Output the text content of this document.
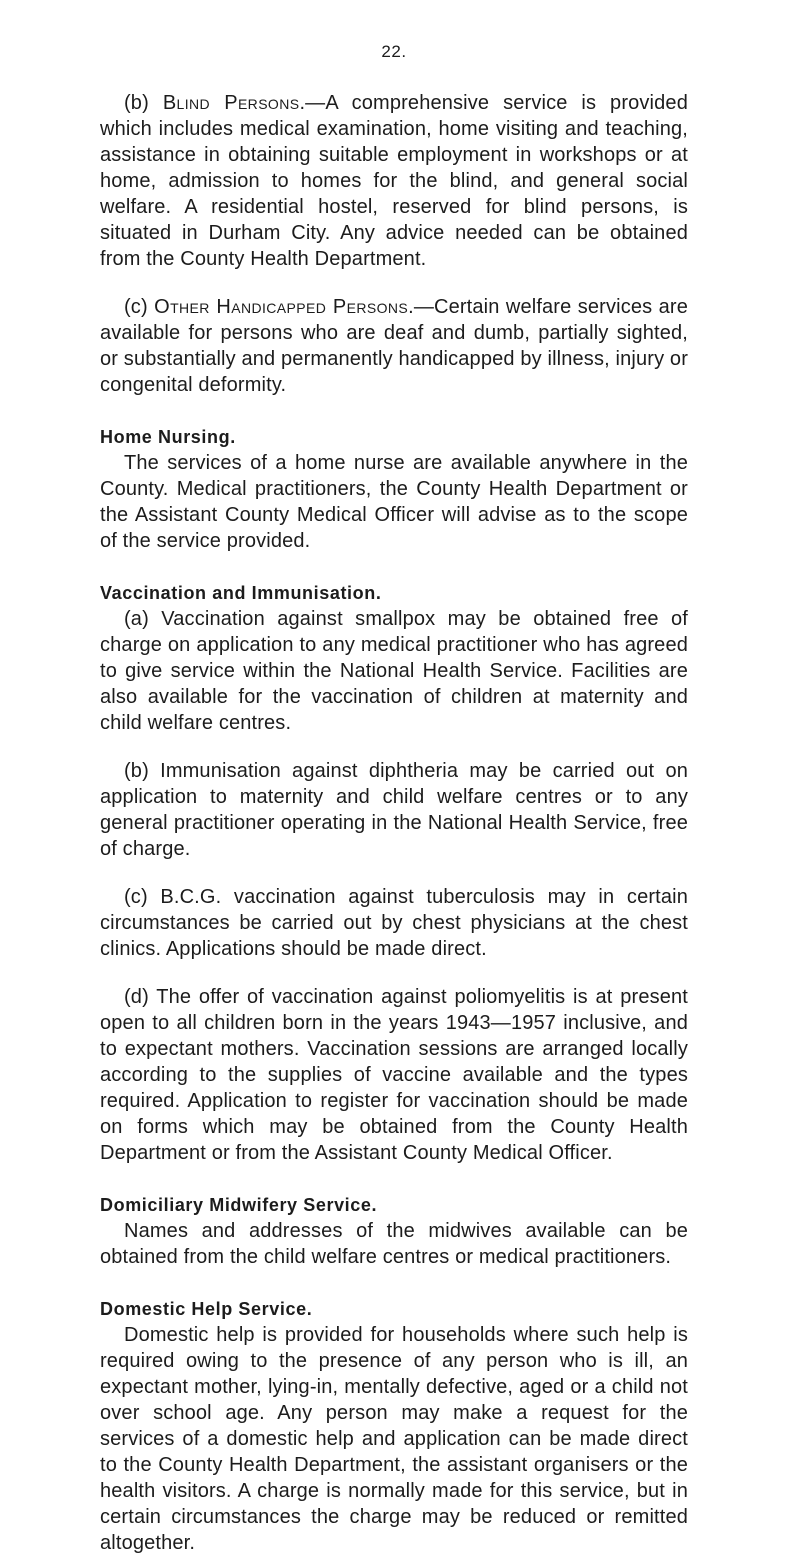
22.

(b) Blind Persons.—A comprehensive service is provided which includes medical examination, home visiting and teaching, assistance in obtaining suitable employment in workshops or at home, admission to homes for the blind, and general social welfare. A residential hostel, reserved for blind persons, is situated in Durham City. Any advice needed can be obtained from the County Health Department.

(c) Other Handicapped Persons.—Certain welfare services are available for persons who are deaf and dumb, partially sighted, or substantially and permanently handicapped by illness, injury or congenital deformity.

Home Nursing.

The services of a home nurse are available anywhere in the County. Medical practitioners, the County Health Department or the Assistant County Medical Officer will advise as to the scope of the service provided.

Vaccination and Immunisation.

(a) Vaccination against smallpox may be obtained free of charge on application to any medical practitioner who has agreed to give service within the National Health Service. Facilities are also available for the vaccination of children at maternity and child welfare centres.

(b) Immunisation against diphtheria may be carried out on application to maternity and child welfare centres or to any general practitioner operating in the National Health Service, free of charge.

(c) B.C.G. vaccination against tuberculosis may in certain circumstances be carried out by chest physicians at the chest clinics. Applications should be made direct.

(d) The offer of vaccination against poliomyelitis is at present open to all children born in the years 1943—1957 inclusive, and to expectant mothers. Vaccination sessions are arranged locally according to the supplies of vaccine available and the types required. Application to register for vaccination should be made on forms which may be obtained from the County Health Department or from the Assistant County Medical Officer.

Domiciliary Midwifery Service.

Names and addresses of the midwives available can be obtained from the child welfare centres or medical practitioners.

Domestic Help Service.

Domestic help is provided for households where such help is required owing to the presence of any person who is ill, an expectant mother, lying-in, mentally defective, aged or a child not over school age. Any person may make a request for the services of a domestic help and application can be made direct to the County Health Department, the assistant organisers or the health visitors. A charge is normally made for this service, but in certain circumstances the charge may be reduced or remitted altogether.
